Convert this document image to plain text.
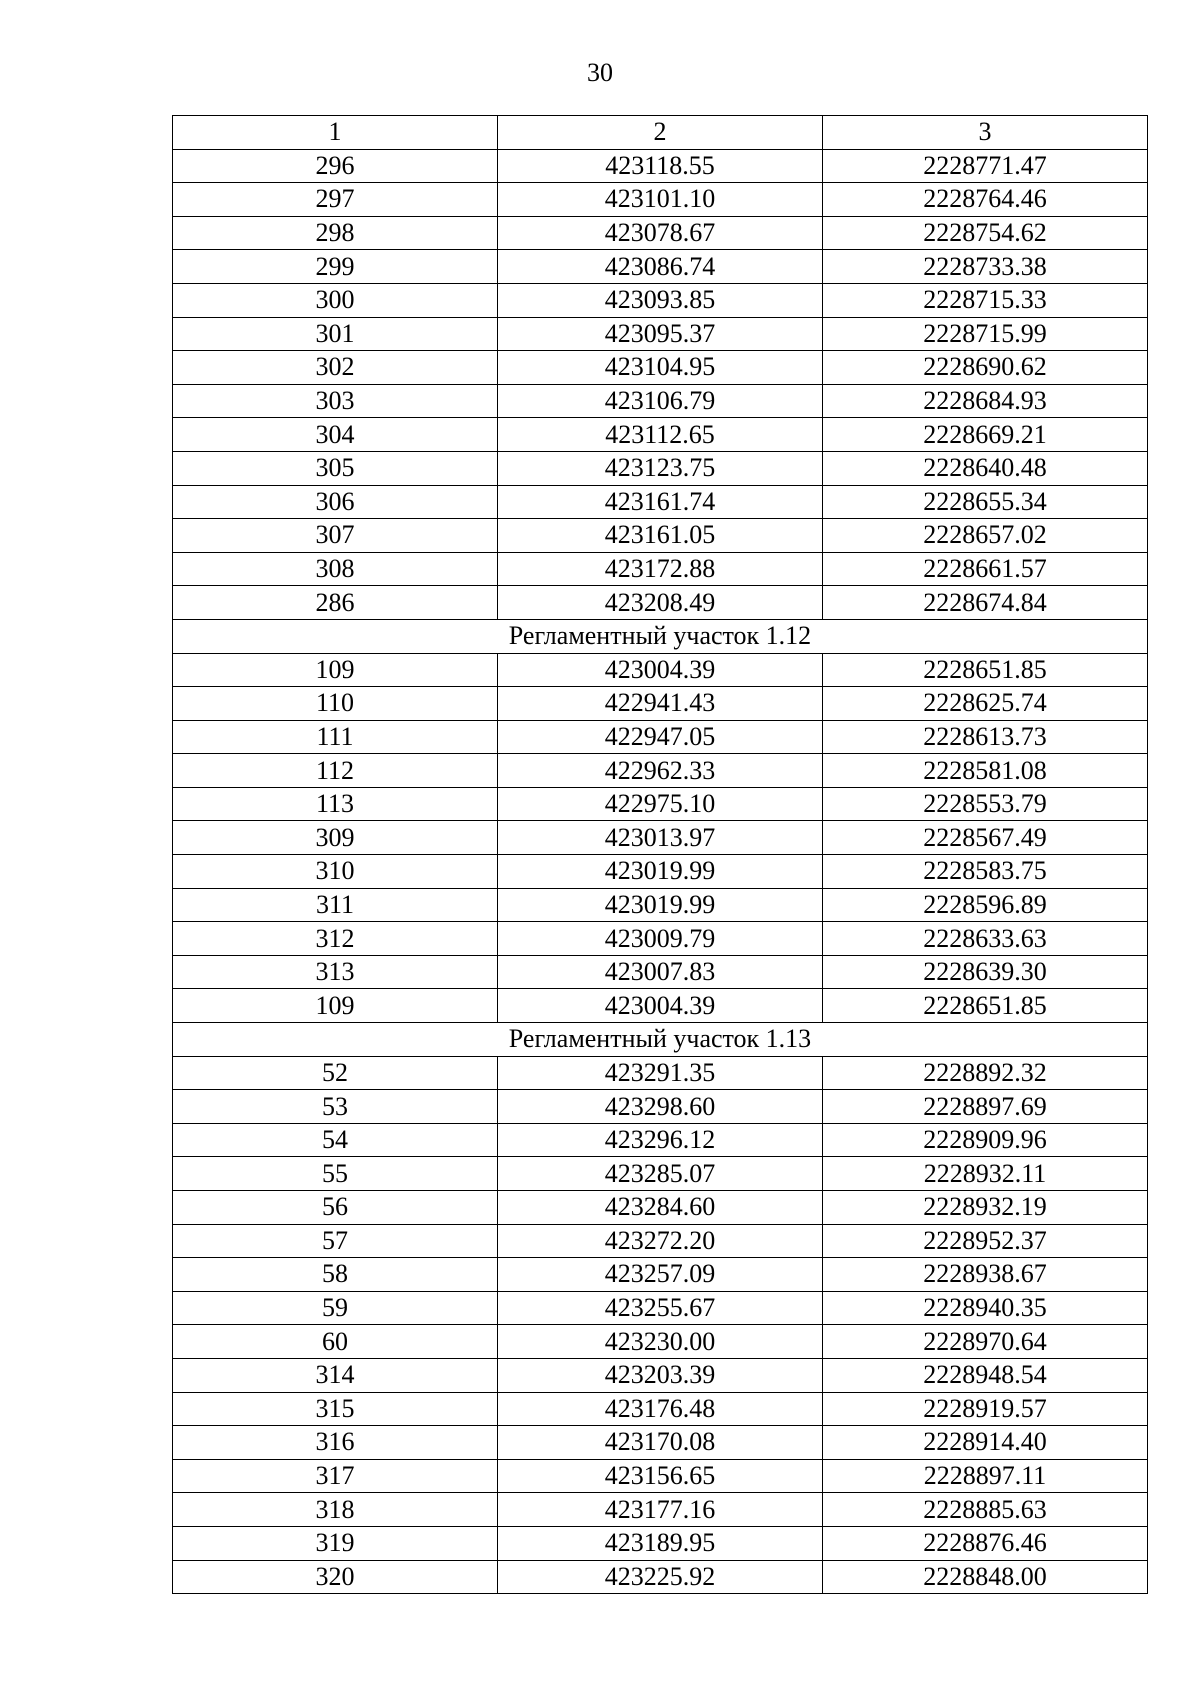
30
1	2	3
296	423118.55	2228771.47
297	423101.10	2228764.46
298	423078.67	2228754.62
299	423086.74	2228733.38
300	423093.85	2228715.33
301	423095.37	2228715.99
302	423104.95	2228690.62
303	423106.79	2228684.93
304	423112.65	2228669.21
305	423123.75	2228640.48
306	423161.74	2228655.34
307	423161.05	2228657.02
308	423172.88	2228661.57
286	423208.49	2228674.84
Регламентный участок 1.12		
109	423004.39	2228651.85
110	422941.43	2228625.74
111	422947.05	2228613.73
112	422962.33	2228581.08
113	422975.10	2228553.79
309	423013.97	2228567.49
310	423019.99	2228583.75
311	423019.99	2228596.89
312	423009.79	2228633.63
313	423007.83	2228639.30
109	423004.39	2228651.85
Регламентный участок 1.13		
52	423291.35	2228892.32
53	423298.60	2228897.69
54	423296.12	2228909.96
55	423285.07	2228932.11
56	423284.60	2228932.19
57	423272.20	2228952.37
58	423257.09	2228938.67
59	423255.67	2228940.35
60	423230.00	2228970.64
314	423203.39	2228948.54
315	423176.48	2228919.57
316	423170.08	2228914.40
317	423156.65	2228897.11
318	423177.16	2228885.63
319	423189.95	2228876.46
320	423225.92	2228848.00
